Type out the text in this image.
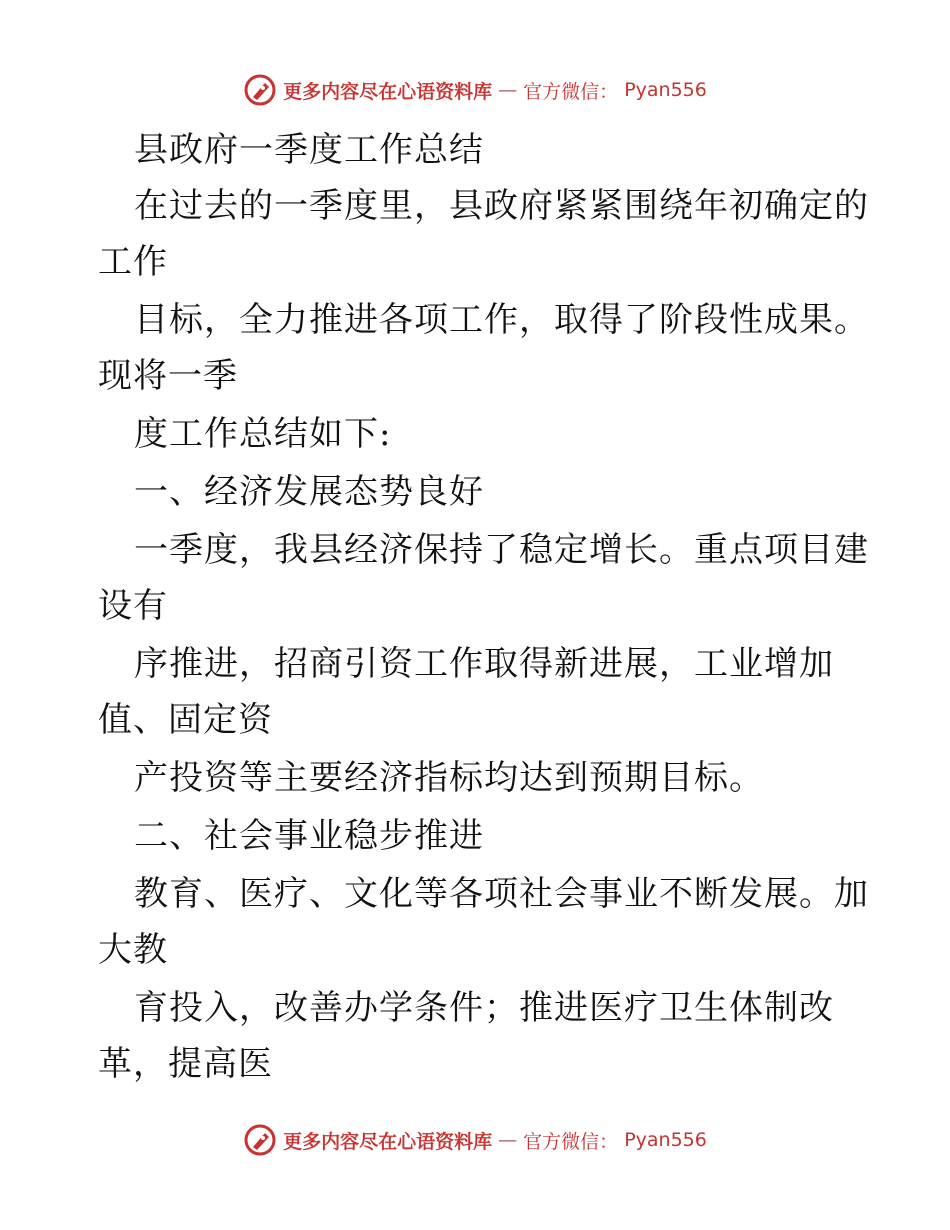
更多内容尽在心语资料库 — 官方微信： Pyan556
县政府一季度工作总结
在过去的一季度里，县政府紧紧围绕年初确定的
工作
目标，全力推进各项工作，取得了阶段性成果。
现将一季
度工作总结如下:
一、经济发展态势良好
一季度，我县经济保持了稳定增长。重点项目建
设有
序推进，招商引资工作取得新进展，工业增加
值、固定资
产投资等主要经济指标均达到预期目标。
二、社会事业稳步推进
教育、医疗、文化等各项社会事业不断发展。加
大教
育投入，改善办学条件；推进医疗卫生体制改
革，提高医
更多内容尽在心语资料库 — 官方微信： Pyan556
